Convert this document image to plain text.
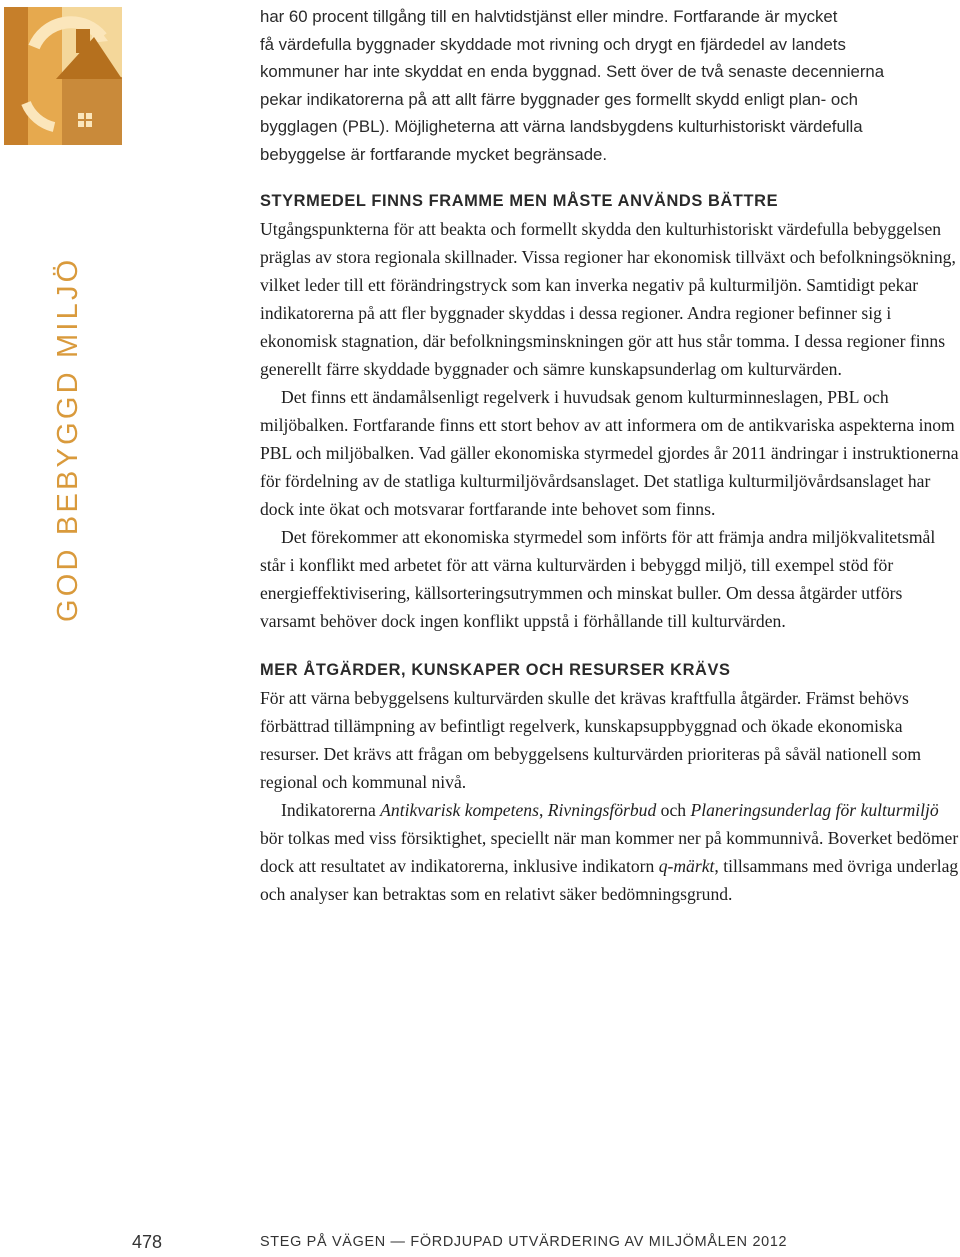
GOD BEBYGGD MILJÖ
har 60 procent tillgång till en halvtidstjänst eller mindre. Fortfarande är mycket
få värdefulla byggnader skyddade mot rivning och drygt en fjärdedel av landets
kommuner har inte skyddat en enda byggnad. Sett över de två senaste decennierna
pekar indikatorerna på att allt färre byggnader ges formellt skydd enligt plan- och
bygglagen (PBL). Möjligheterna att värna landsbygdens kulturhistoriskt värdefulla
bebyggelse är fortfarande mycket begränsade.
STYRMEDEL FINNS FRAMME MEN MÅSTE ANVÄNDS BÄTTRE

Utgångspunkterna för att beakta och formellt skydda den kulturhistoriskt värdefulla bebyggelsen präglas av stora regionala skillnader. Vissa regioner har ekonomisk tillväxt och befolkningsökning, vilket leder till ett förändringstryck som kan inverka negativ på kulturmiljön. Samtidigt pekar indikatorerna på att fler byggnader skyddas i dessa regioner. Andra regioner befinner sig i ekonomisk stagnation, där befolkningsminskningen gör att hus står tomma. I dessa regioner finns generellt färre skyddade byggnader och sämre kunskapsunderlag om kulturvärden.

Det finns ett ändamålsenligt regelverk i huvudsak genom kulturminneslagen, PBL och miljöbalken. Fortfarande finns ett stort behov av att informera om de antikvariska aspekterna inom PBL och miljöbalken. Vad gäller ekonomiska styrmedel gjordes år 2011 ändringar i instruktionerna för fördelning av de statliga kulturmiljövårdsanslaget. Det statliga kulturmiljövårdsanslaget har dock inte ökat och motsvarar fortfarande inte behovet som finns.

Det förekommer att ekonomiska styrmedel som införts för att främja andra miljökvalitetsmål står i konflikt med arbetet för att värna kulturvärden i bebyggd miljö, till exempel stöd för energieffektivisering, källsorteringsutrymmen och minskat buller. Om dessa åtgärder utförs varsamt behöver dock ingen konflikt uppstå i förhållande till kulturvärden.

MER ÅTGÄRDER, KUNSKAPER OCH RESURSER KRÄVS

För att värna bebyggelsens kulturvärden skulle det krävas kraftfulla åtgärder. Främst behövs förbättrad tillämpning av befintligt regelverk, kunskapsuppbyggnad och ökade ekonomiska resurser. Det krävs att frågan om bebyggelsens kulturvärden prioriteras på såväl nationell som regional och kommunal nivå.

Indikatorerna Antikvarisk kompetens, Rivningsförbud och Planeringsunderlag för kulturmiljö bör tolkas med viss försiktighet, speciellt när man kommer ner på kommunnivå. Boverket bedömer dock att resultatet av indikatorerna, inklusive indikatorn q-märkt, tillsammans med övriga underlag och analyser kan betraktas som en relativt säker bedömningsgrund.

478	STEG PÅ VÄGEN — FÖRDJUPAD UTVÄRDERING AV MILJÖMÅLEN 2012
